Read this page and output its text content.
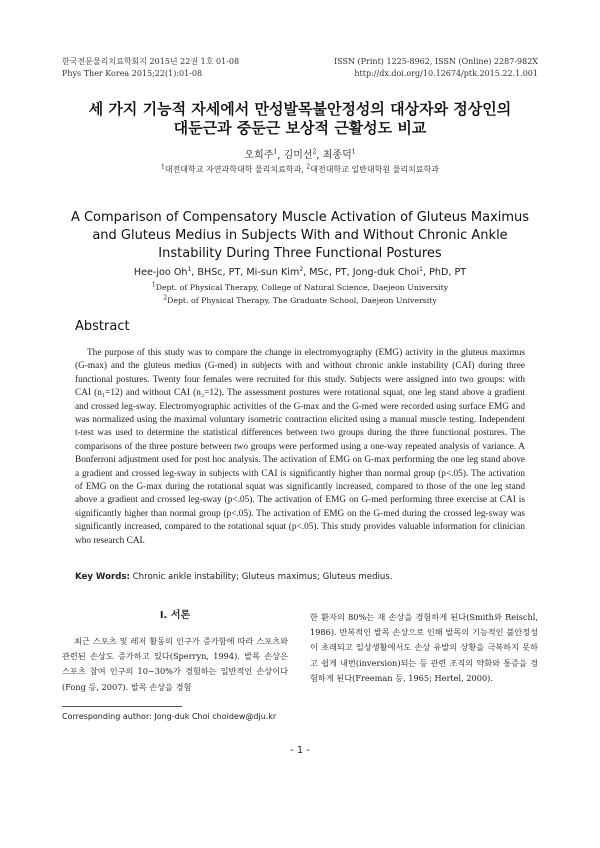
한국전문물리치료학회지 2015년 22권 1호 01-08
Phys Ther Korea 2015;22(1):01-08
ISSN (Print) 1225-8962, ISSN (Online) 2287-982X
http://dx.doi.org/10.12674/ptk.2015.22.1.001
세 가지 기능적 자세에서 만성발목불안정성의 대상자와 정상인의
대둔근과 중둔근 보상적 근활성도 비교
오희주$^1$, 김미선$^2$, 최종덕$^1$
$^1$대전대학교 자연과학대학 물리치료학과, $^2$대전대학교 일반대학원 물리치료학과
A Comparison of Compensatory Muscle Activation of Gluteus Maximus
and Gluteus Medius in Subjects With and Without Chronic Ankle
Instability During Three Functional Postures
Hee-joo Oh$^1$, BHSc, PT, Mi-sun Kim$^2$, MSc, PT, Jong-duk Choi$^1$, PhD, PT
$^1$Dept. of Physical Therapy, College of Natural Science, Daejeon University
$^2$Dept. of Physical Therapy, The Graduate School, Daejeon University
Abstract

The purpose of this study was to compare the change in electromyography (EMG) activity in the gluteus maximus (G-max) and the gluteus medius (G-med) in subjects with and without chronic ankle instability (CAI) during three functional postures. Twenty four females were recruited for this study. Subjects were assigned into two groups: with CAI (n₁=12) and without CAI (n₂=12). The assessment postures were rotational squat, one leg stand above a gradient and crossed leg-sway. Electromyographic activities of the G-max and the G-med were recorded using surface EMG and was normalized using the maximal voluntary isometric contraction elicited using a manual muscle testing. Independent t-test was used to determine the statistical differences between two groups during the three functional postures. The comparisons of the three posture between two groups were performed using a one-way repeated analysis of variance. A Bonferroni adjustment used for post hoc analysis. The activation of EMG on G-max performing the one leg stand above a gradient and crossed leg-sway in subjects with CAI is significantly higher than normal group (p<.05). The activation of EMG on the G-max during the rotational squat was significantly increased, compared to those of the one leg stand above a gradient and crossed leg-sway (p<.05). The activation of EMG on G-med performing three exercise at CAI is significantly higher than normal group (p<.05). The activation of EMG on the G-med during the crossed leg-sway was significantly increased, compared to the rotational squat (p<.05). This study provides valuable information for clinician who research CAI.

Key Words: Chronic ankle instability; Gluteus maximus; Gluteus medius.

Ⅰ. 서론

최근 스포츠 및 레저 활동의 인구가 증가함에 따라 스포츠와 관련된 손상도 증가하고 있다(Sperryn, 1994). 발목 손상은 스포츠 참여 인구의 10~30%가 경험하는 일반적인 손상이다(Fong 등, 2007). 발목 손상을 경험

한 환자의 80%는 재 손상을 경험하게 된다(Smith와 Reischl, 1986). 반복적인 발목 손상으로 인해 발목의 기능적인 불안정성이 초래되고 일상생활에서도 손상 유발의 상황을 극복하지 못하고 쉽게 내번(inversion)되는 등 관련 조직의 약화와 통증을 경험하게 된다(Freeman 등, 1965; Hertel, 2000).

Corresponding author: Jong-duk Choi choidew@dju.kr
- 1 -
